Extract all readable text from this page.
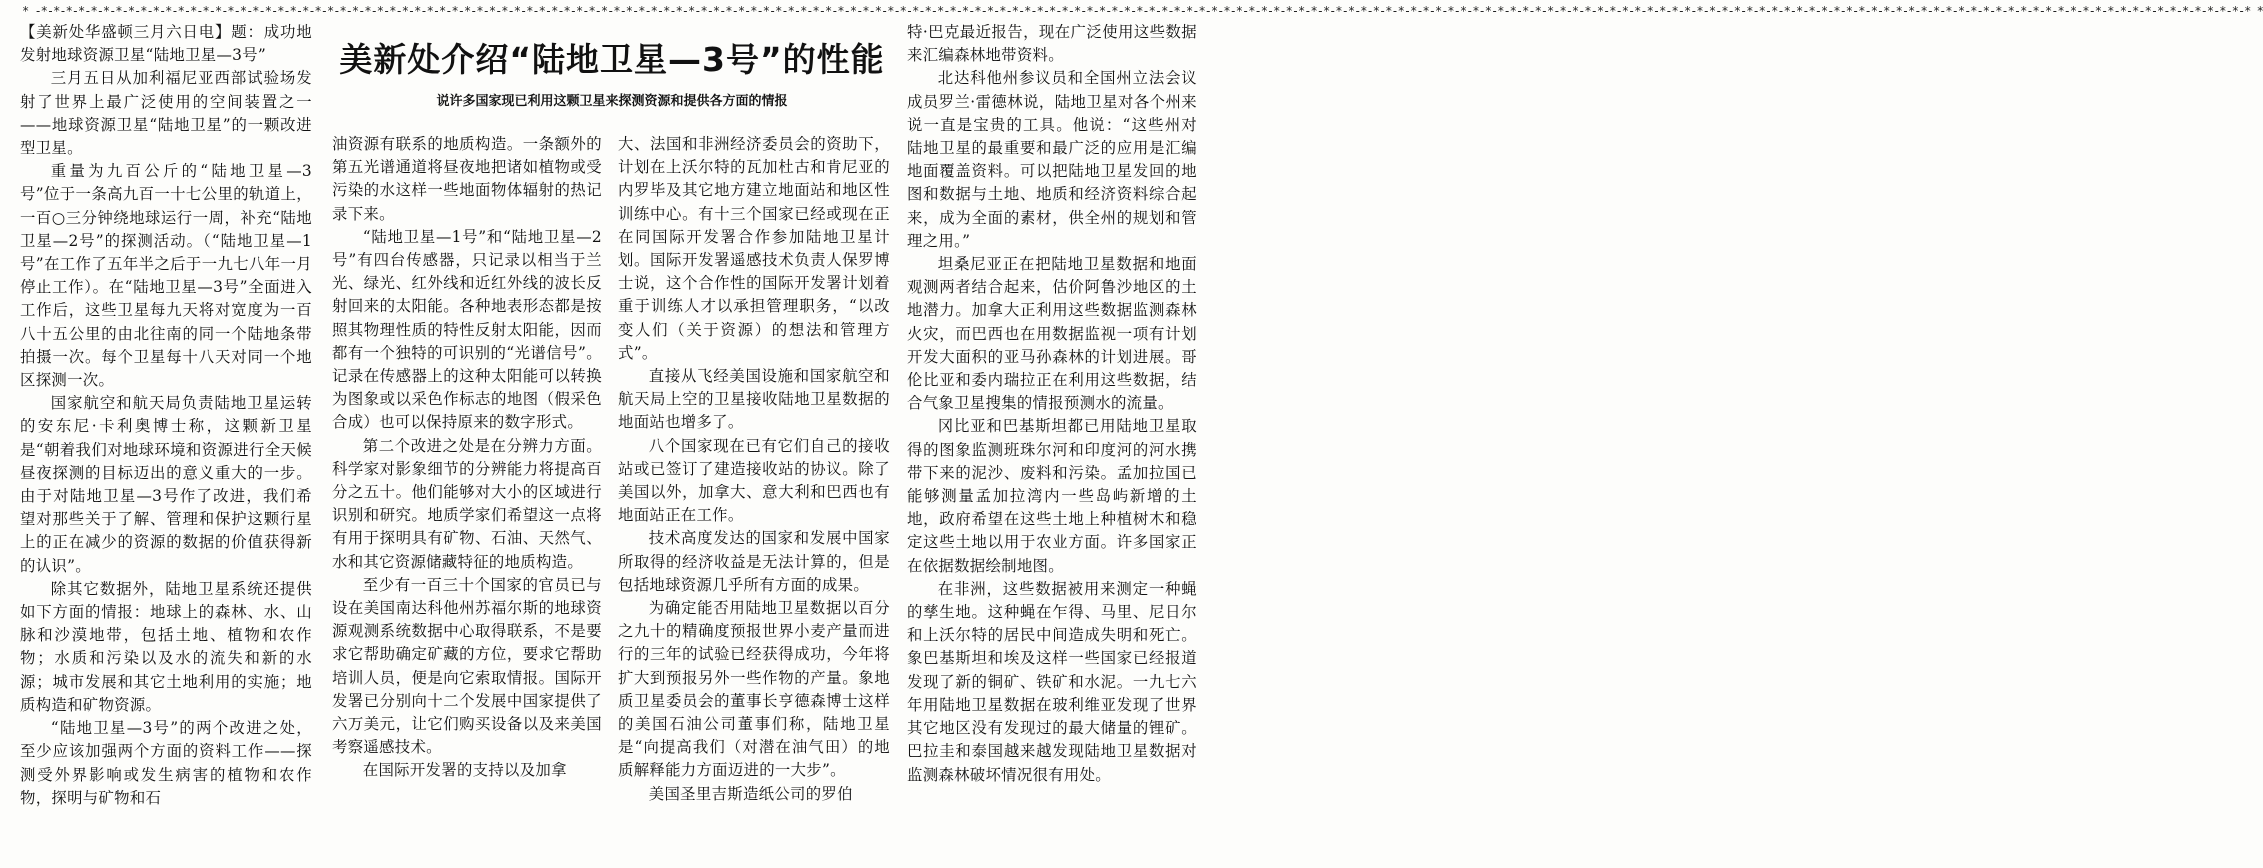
* -*-*-*-*-*-*-*-*-*-*-*-*-*-*-*-*-*-*-*-*-*-*-*-*-*-*-*-*-*-*-*-*-*-*-*-*-*-*-*-*-*-*-*-*-*-*-*-*-*-*-*-*-*-*-*-*-*-*-*-*-*-*-*-*-*-*-*-*-*-*-*-*-*-*-*-*-*-*-*-*-*-*-*-*-*-*-*-*-*-*-*-*-*-*-*-*-*-*-*-*-*-*-*-*-*-*-*-*-*-*-*-*-*-*-*-*-*-*-*-*-*-*-*-*-*-*-*-*-*-*-*-*-*-*-*-*-*-*-*-*-*-*-*-*-*-*-*-*-*-*-*-*-*-*-*-*-*-*-*-*-*-*-*-*-*-*-*-*-*-*-*-*-*-*-*-*-*-* *

【美新处华盛顿三月六日电】题：成功地发射地球资源卫星“陆地卫星—3号”

三月五日从加利福尼亚西部试验场发射了世界上最广泛使用的空间装置之一——地球资源卫星“陆地卫星”的一颗改进型卫星。

重量为九百公斤的“陆地卫星—3号”位于一条高九百一十七公里的轨道上，一百○三分钟绕地球运行一周，补充“陆地卫星—2号”的探测活动。（“陆地卫星—1号”在工作了五年半之后于一九七八年一月停止工作）。在“陆地卫星—3号”全面进入工作后，这些卫星每九天将对宽度为一百八十五公里的由北往南的同一个陆地条带拍摄一次。每个卫星每十八天对同一个地区探测一次。

国家航空和航天局负责陆地卫星运转的安东尼·卡利奥博士称，这颗新卫星是“朝着我们对地球环境和资源进行全天候昼夜探测的目标迈出的意义重大的一步。由于对陆地卫星—3号作了改进，我们希望对那些关于了解、管理和保护这颗行星上的正在减少的资源的数据的价值获得新的认识”。

除其它数据外，陆地卫星系统还提供如下方面的情报：地球上的森林、水、山脉和沙漠地带，包括土地、植物和农作物；水质和污染以及水的流失和新的水源；城市发展和其它土地利用的实施；地质构造和矿物资源。

“陆地卫星—3号”的两个改进之处，至少应该加强两个方面的资料工作——探测受外界影响或发生病害的植物和农作物，探明与矿物和石

美新处介绍“陆地卫星—3号”的性能
说许多国家现已利用这颗卫星来探测资源和提供各方面的情报

油资源有联系的地质构造。一条额外的第五光谱通道将昼夜地把诸如植物或受污染的水这样一些地面物体辐射的热记录下来。

“陆地卫星—1号”和“陆地卫星—2号”有四台传感器，只记录以相当于兰光、绿光、红外线和近红外线的波长反射回来的太阳能。各种地表形态都是按照其物理性质的特性反射太阳能，因而都有一个独特的可识别的“光谱信号”。记录在传感器上的这种太阳能可以转换为图象或以采色作标志的地图（假采色合成）也可以保持原来的数字形式。

第二个改进之处是在分辨力方面。科学家对影象细节的分辨能力将提高百分之五十。他们能够对大小的区域进行识别和研究。地质学家们希望这一点将有用于探明具有矿物、石油、天然气、水和其它资源储藏特征的地质构造。

至少有一百三十个国家的官员已与设在美国南达科他州苏福尔斯的地球资源观测系统数据中心取得联系，不是要求它帮助确定矿藏的方位，要求它帮助培训人员，便是向它索取情报。国际开发署已分别向十二个发展中国家提供了六万美元，让它们购买设备以及来美国考察遥感技术。

在国际开发署的支持以及加拿

大、法国和非洲经济委员会的资助下，计划在上沃尔特的瓦加杜古和肯尼亚的内罗毕及其它地方建立地面站和地区性训练中心。有十三个国家已经或现在正在同国际开发署合作参加陆地卫星计划。国际开发署遥感技术负责人保罗博士说，这个合作性的国际开发署计划着重于训练人才以承担管理职务，“以改变人们（关于资源）的想法和管理方式”。

直接从飞经美国设施和国家航空和航天局上空的卫星接收陆地卫星数据的地面站也增多了。

八个国家现在已有它们自己的接收站或已签订了建造接收站的协议。除了美国以外，加拿大、意大利和巴西也有地面站正在工作。

技术高度发达的国家和发展中国家所取得的经济收益是无法计算的，但是包括地球资源几乎所有方面的成果。

为确定能否用陆地卫星数据以百分之九十的精确度预报世界小麦产量而进行的三年的试验已经获得成功，今年将扩大到预报另外一些作物的产量。象地质卫星委员会的董事长亨德森博士这样的美国石油公司董事们称，陆地卫星是“向提高我们（对潜在油气田）的地质解释能力方面迈进的一大步”。

美国圣里吉斯造纸公司的罗伯

特·巴克最近报告，现在广泛使用这些数据来汇编森林地带资料。

北达科他州参议员和全国州立法会议成员罗兰·雷德林说，陆地卫星对各个州来说一直是宝贵的工具。他说：“这些州对陆地卫星的最重要和最广泛的应用是汇编地面覆盖资料。可以把陆地卫星发回的地图和数据与土地、地质和经济资料综合起来，成为全面的素材，供全州的规划和管理之用。”

坦桑尼亚正在把陆地卫星数据和地面观测两者结合起来，估价阿鲁沙地区的土地潜力。加拿大正利用这些数据监测森林火灾，而巴西也在用数据监视一项有计划开发大面积的亚马孙森林的计划进展。哥伦比亚和委内瑞拉正在利用这些数据，结合气象卫星搜集的情报预测水的流量。

冈比亚和巴基斯坦都已用陆地卫星取得的图象监测班珠尔河和印度河的河水携带下来的泥沙、废料和污染。孟加拉国已能够测量孟加拉湾内一些岛屿新增的土地，政府希望在这些土地上种植树木和稳定这些土地以用于农业方面。许多国家正在依据数据绘制地图。

在非洲，这些数据被用来测定一种蝇的孳生地。这种蝇在乍得、马里、尼日尔和上沃尔特的居民中间造成失明和死亡。象巴基斯坦和埃及这样一些国家已经报道发现了新的铜矿、铁矿和水泥。一九七六年用陆地卫星数据在玻利维亚发现了世界其它地区没有发现过的最大储量的锂矿。巴拉圭和泰国越来越发现陆地卫星数据对监测森林破坏情况很有用处。
